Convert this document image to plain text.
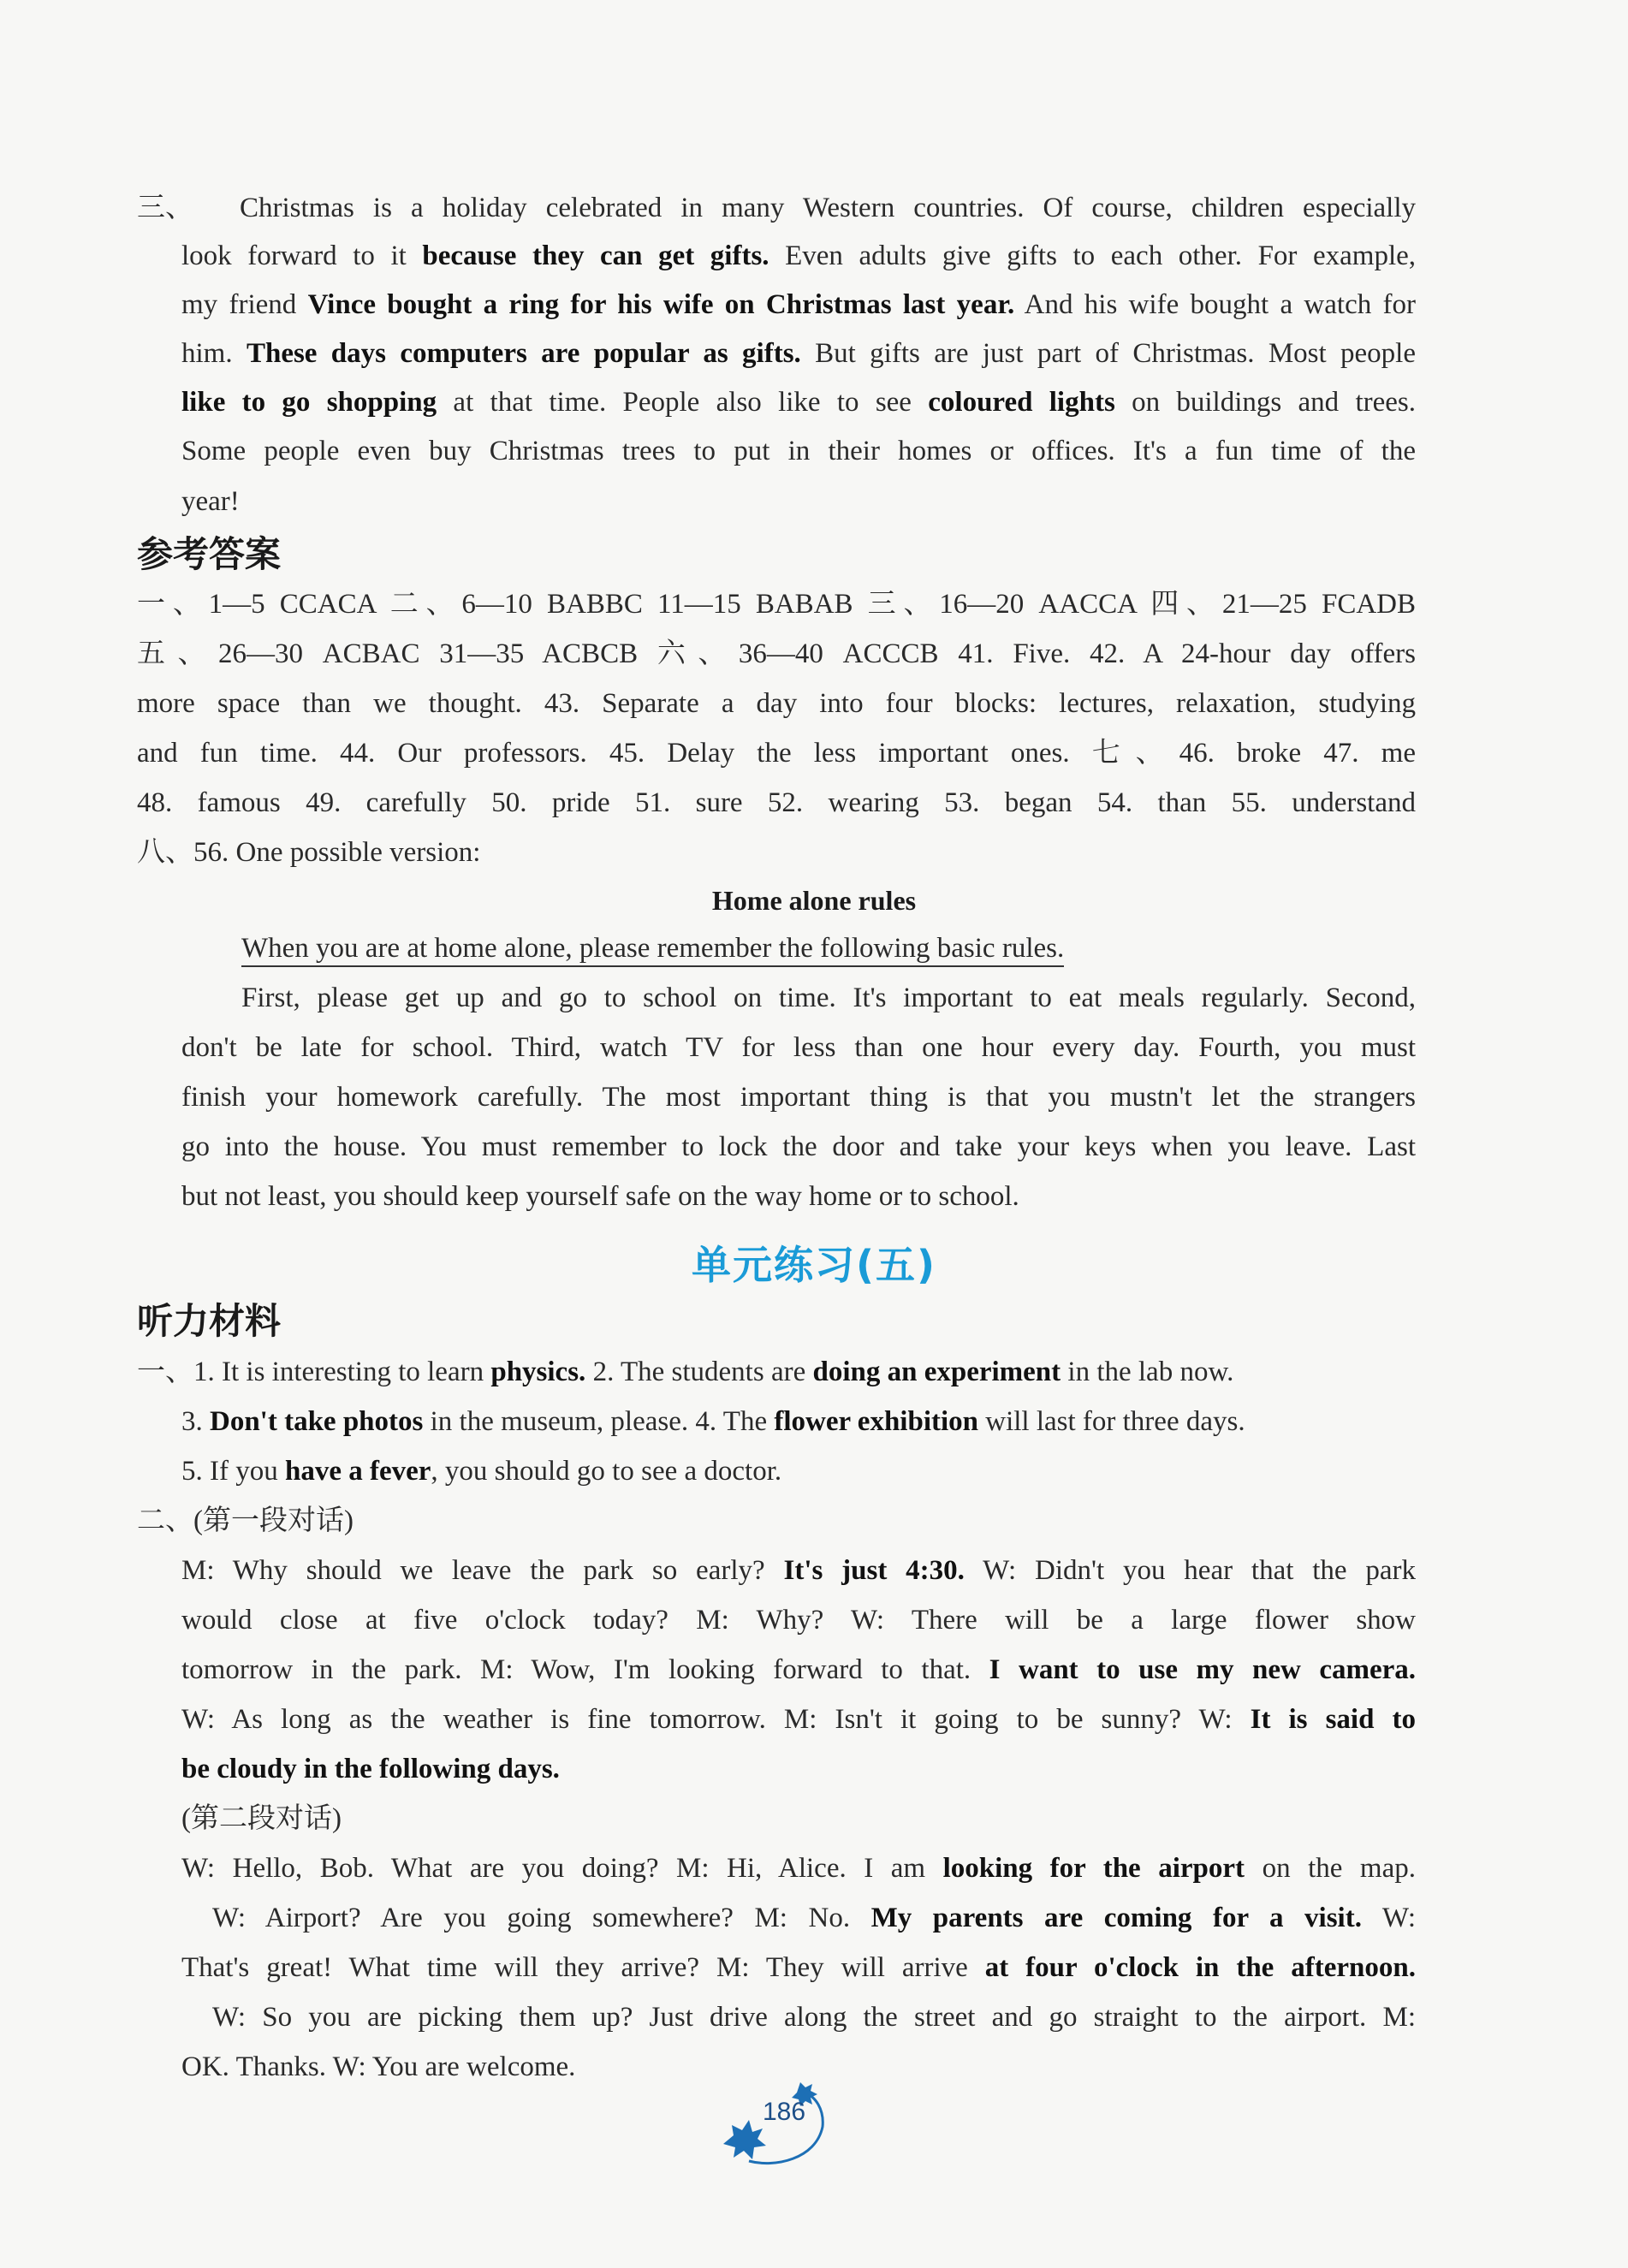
三、 Christmas is a holiday celebrated in many Western countries. Of course, children especially
look forward to it because they can get gifts. Even adults give gifts to each other. For example,
my friend Vince bought a ring for his wife on Christmas last year. And his wife bought a watch for
him. These days computers are popular as gifts. But gifts are just part of Christmas. Most people
like to go shopping at that time. People also like to see coloured lights on buildings and trees.
Some people even buy Christmas trees to put in their homes or offices. It's a fun time of the
year!
参考答案
一、1—5 CCACA 二、6—10 BABBC 11—15 BABAB 三、16—20 AACCA 四、21—25 FCADB
五、26—30 ACBAC 31—35 ACBCB 六、36—40 ACCCB 41. Five. 42. A 24-hour day offers
more space than we thought. 43. Separate a day into four blocks: lectures, relaxation, studying
and fun time. 44. Our professors. 45. Delay the less important ones. 七、46. broke 47. me
48. famous 49. carefully 50. pride 51. sure 52. wearing 53. began 54. than 55. understand
八、56. One possible version:
Home alone rules
When you are at home alone, please remember the following basic rules.
First, please get up and go to school on time. It's important to eat meals regularly. Second,
don't be late for school. Third, watch TV for less than one hour every day. Fourth, you must
finish your homework carefully. The most important thing is that you mustn't let the strangers
go into the house. You must remember to lock the door and take your keys when you leave. Last
but not least, you should keep yourself safe on the way home or to school.
单元练习(五)
听力材料
一、1. It is interesting to learn physics. 2. The students are doing an experiment in the lab now.
3. Don't take photos in the museum, please. 4. The flower exhibition will last for three days.
5. If you have a fever, you should go to see a doctor.
二、(第一段对话)
M: Why should we leave the park so early? It's just 4:30. W: Didn't you hear that the park
would close at five o'clock today? M: Why? W: There will be a large flower show
tomorrow in the park. M: Wow, I'm looking forward to that. I want to use my new camera.
W: As long as the weather is fine tomorrow. M: Isn't it going to be sunny? W: It is said to
be cloudy in the following days.
(第二段对话)
W: Hello, Bob. What are you doing? M: Hi, Alice. I am looking for the airport on the map.
W: Airport? Are you going somewhere? M: No. My parents are coming for a visit. W:
That's great! What time will they arrive? M: They will arrive at four o'clock in the afternoon.
W: So you are picking them up? Just drive along the street and go straight to the airport. M:
OK. Thanks. W: You are welcome.
186
